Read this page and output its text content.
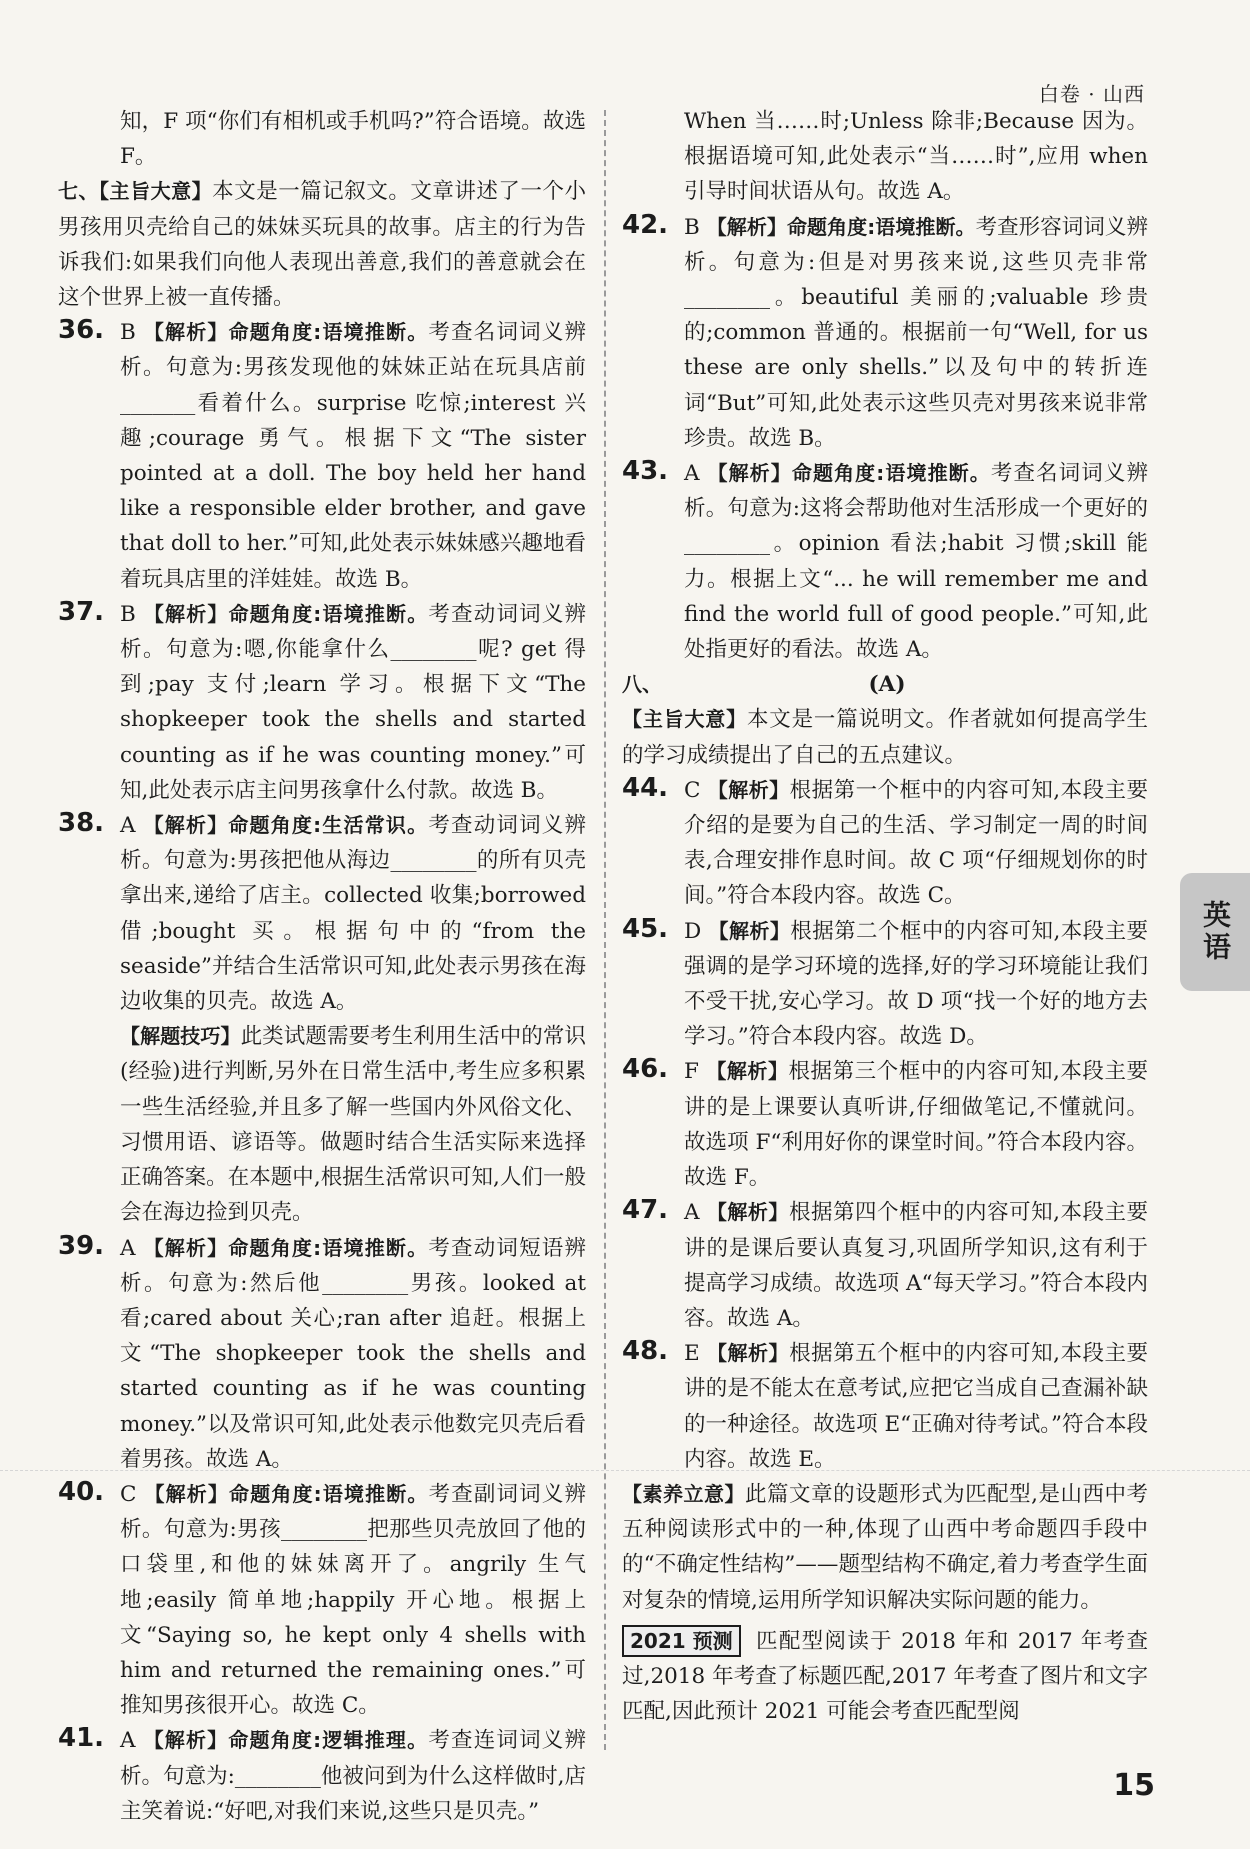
白卷 · 山西

知，F 项“你们有相机或手机吗?”符合语境。故选 F。

七、【主旨大意】本文是一篇记叙文。文章讲述了一个小男孩用贝壳给自己的妹妹买玩具的故事。店主的行为告诉我们:如果我们向他人表现出善意,我们的善意就会在这个世界上被一直传播。

36. B 【解析】命题角度:语境推断。考查名词词义辨析。句意为:男孩发现他的妹妹正站在玩具店前_______看着什么。surprise 吃惊;interest 兴趣;courage 勇气。根据下文“The sister pointed at a doll. The boy held her hand like a responsible elder brother, and gave that doll to her.”可知,此处表示妹妹感兴趣地看着玩具店里的洋娃娃。故选 B。

37. B 【解析】命题角度:语境推断。考查动词词义辨析。句意为:嗯,你能拿什么________呢? get 得到;pay 支付;learn 学习。根据下文“The shopkeeper took the shells and started counting as if he was counting money.”可知,此处表示店主问男孩拿什么付款。故选 B。

38. A 【解析】命题角度:生活常识。考查动词词义辨析。句意为:男孩把他从海边________的所有贝壳拿出来,递给了店主。collected 收集;borrowed 借;bought 买。根据句中的“from the seaside”并结合生活常识可知,此处表示男孩在海边收集的贝壳。故选 A。

【解题技巧】此类试题需要考生利用生活中的常识(经验)进行判断,另外在日常生活中,考生应多积累一些生活经验,并且多了解一些国内外风俗文化、习惯用语、谚语等。做题时结合生活实际来选择正确答案。在本题中,根据生活常识可知,人们一般会在海边捡到贝壳。

39. A 【解析】命题角度:语境推断。考查动词短语辨析。句意为:然后他________男孩。looked at 看;cared about 关心;ran after 追赶。根据上文“The shopkeeper took the shells and started counting as if he was counting money.”以及常识可知,此处表示他数完贝壳后看着男孩。故选 A。

40. C 【解析】命题角度:语境推断。考查副词词义辨析。句意为:男孩________把那些贝壳放回了他的口袋里,和他的妹妹离开了。angrily 生气地;easily 简单地;happily 开心地。根据上文“Saying so, he kept only 4 shells with him and returned the remaining ones.”可推知男孩很开心。故选 C。

41. A 【解析】命题角度:逻辑推理。考查连词词义辨析。句意为:________他被问到为什么这样做时,店主笑着说:“好吧,对我们来说,这些只是贝壳。”

When 当……时;Unless 除非;Because 因为。根据语境可知,此处表示“当……时”,应用 when 引导时间状语从句。故选 A。

42. B 【解析】命题角度:语境推断。考查形容词词义辨析。句意为:但是对男孩来说,这些贝壳非常________。beautiful 美丽的;valuable 珍贵的;common 普通的。根据前一句“Well, for us these are only shells.”以及句中的转折连词“But”可知,此处表示这些贝壳对男孩来说非常珍贵。故选 B。

43. A 【解析】命题角度:语境推断。考查名词词义辨析。句意为:这将会帮助他对生活形成一个更好的________。opinion 看法;habit 习惯;skill 能力。根据上文“... he will remember me and find the world full of good people.”可知,此处指更好的看法。故选 A。

八、	(A)

【主旨大意】本文是一篇说明文。作者就如何提高学生的学习成绩提出了自己的五点建议。

44. C 【解析】根据第一个框中的内容可知,本段主要介绍的是要为自己的生活、学习制定一周的时间表,合理安排作息时间。故 C 项“仔细规划你的时间。”符合本段内容。故选 C。

45. D 【解析】根据第二个框中的内容可知,本段主要强调的是学习环境的选择,好的学习环境能让我们不受干扰,安心学习。故 D 项“找一个好的地方去学习。”符合本段内容。故选 D。

46. F 【解析】根据第三个框中的内容可知,本段主要讲的是上课要认真听讲,仔细做笔记,不懂就问。故选项 F“利用好你的课堂时间。”符合本段内容。故选 F。

47. A 【解析】根据第四个框中的内容可知,本段主要讲的是课后要认真复习,巩固所学知识,这有利于提高学习成绩。故选项 A“每天学习。”符合本段内容。故选 A。

48. E 【解析】根据第五个框中的内容可知,本段主要讲的是不能太在意考试,应把它当成自己查漏补缺的一种途径。故选项 E“正确对待考试。”符合本段内容。故选 E。

【素养立意】此篇文章的设题形式为匹配型,是山西中考五种阅读形式中的一种,体现了山西中考命题四手段中的“不确定性结构”——题型结构不确定,着力考查学生面对复杂的情境,运用所学知识解决实际问题的能力。

2021 预测 匹配型阅读于 2018 年和 2017 年考查过,2018 年考查了标题匹配,2017 年考查了图片和文字匹配,因此预计 2021 可能会考查匹配型阅

英语
15
